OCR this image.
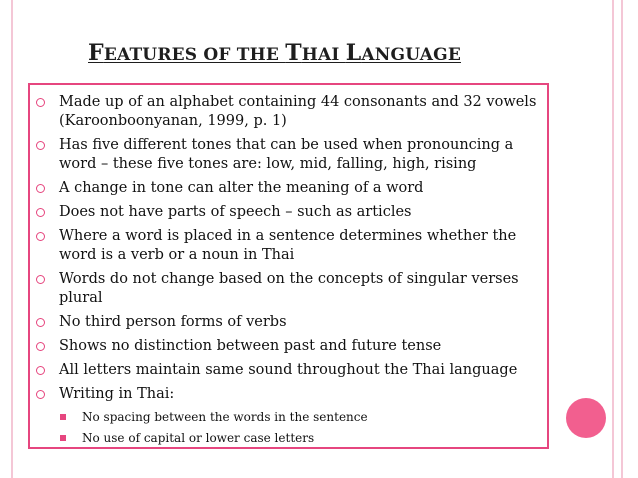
FEATURES OF THE THAI LANGUAGE
Made up of an alphabet containing 44 consonants and 32 vowels (Karoonboonyanan, 1999, p. 1)
Has five different tones that can be used when pronouncing a word – these five tones are: low, mid, falling, high, rising
A change in tone can alter the meaning of a word
Does not have parts of speech – such as articles
Where a word is placed in a sentence determines whether the word is a verb or a noun in Thai
Words do not change based on the concepts of singular verses plural
No third person forms of verbs
Shows no distinction between past and future tense
All letters maintain same sound throughout the Thai language
Writing in Thai:
No spacing between the words in the sentence
No use of capital or lower case letters
